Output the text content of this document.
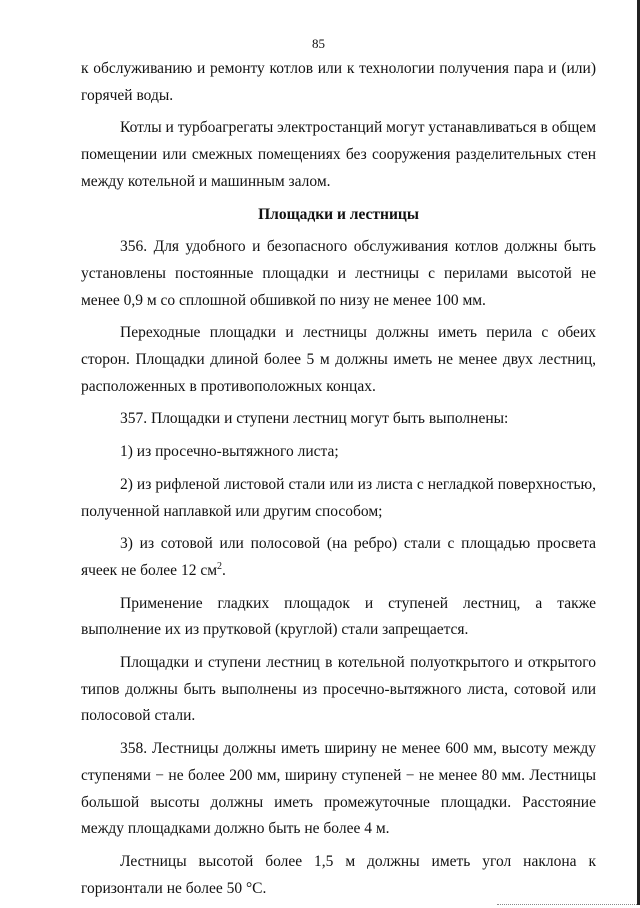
85

к обслуживанию и ремонту котлов или к технологии получения пара и (или) горячей воды.

Котлы и турбоагрегаты электростанций могут устанавливаться в общем помещении или смежных помещениях без сооружения разделительных стен между котельной и машинным залом.

Площадки и лестницы

356. Для удобного и безопасного обслуживания котлов должны быть установлены постоянные площадки и лестницы с перилами высотой не менее 0,9 м со сплошной обшивкой по низу не менее 100 мм.

Переходные площадки и лестницы должны иметь перила с обеих сторон. Площадки длиной более 5 м должны иметь не менее двух лестниц, расположенных в противоположных концах.

357. Площадки и ступени лестниц могут быть выполнены:

1) из просечно-вытяжного листа;

2) из рифленой листовой стали или из листа с негладкой поверхностью, полученной наплавкой или другим способом;

3) из сотовой или полосовой (на ребро) стали с площадью просвета ячеек не более 12 $см^2$.

Применение гладких площадок и ступеней лестниц, а также выполнение их из прутковой (круглой) стали запрещается.

Площадки и ступени лестниц в котельной полуоткрытого и открытого типов должны быть выполнены из просечно-вытяжного листа, сотовой или полосовой стали.

358. Лестницы должны иметь ширину не менее 600 мм, высоту между ступенями − не более 200 мм, ширину ступеней − не менее 80 мм. Лестницы большой высоты должны иметь промежуточные площадки. Расстояние между площадками должно быть не более 4 м.

Лестницы высотой более 1,5 м должны иметь угол наклона к горизонтали не более 50 °С.
